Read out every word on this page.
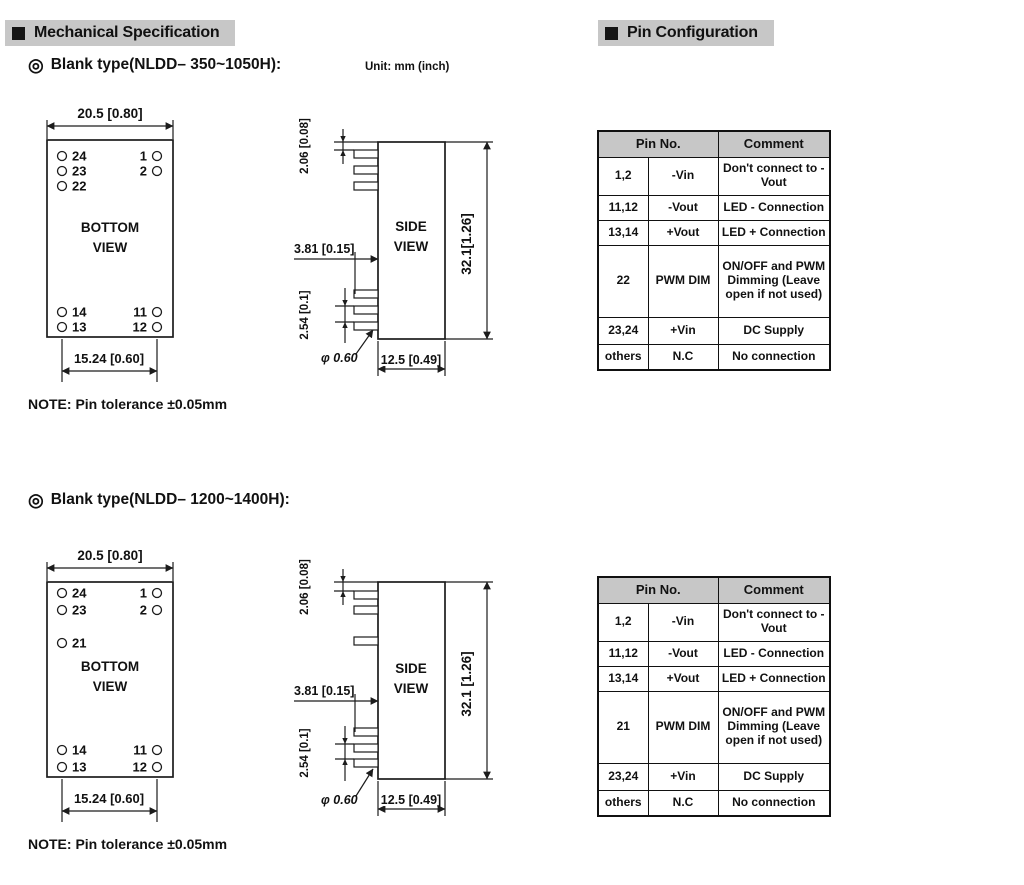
Mechanical Specification	Pin Configuration
◎ Blank type(NLDD– 350~1050H):	Unit: mm (inch)
20.5 [0.80]
24
23
22
1
2
BOTTOM
VIEW
14
13
11
12
15.24 [0.60]
SIDE
VIEW
2.06 [0.08]
3.81 [0.15]
2.54 [0.1]
φ 0.60 12.5 [0.49]
32.1[1.26]
Pin No.		Comment
1,2	-Vin	Don't connect to -Vout
11,12	-Vout	LED - Connection
13,14	+Vout	LED + Connection
22	PWM DIM	ON/OFF and PWM Dimming (Leave open if not used)
23,24	+Vin	DC Supply
others	N.C	No connection
NOTE: Pin tolerance ±0.05mm
◎ Blank type(NLDD– 1200~1400H):
20.5 [0.80]
24
23
21
1
2
BOTTOM
VIEW
14
13
11
12
15.24 [0.60]
SIDE
VIEW
2.06 [0.08]
3.81 [0.15]
2.54 [0.1]
φ 0.60 12.5 [0.49]
32.1 [1.26]
Pin No.		Comment
1,2	-Vin	Don't connect to -Vout
11,12	-Vout	LED - Connection
13,14	+Vout	LED + Connection
21	PWM DIM	ON/OFF and PWM Dimming (Leave open if not used)
23,24	+Vin	DC Supply
others	N.C	No connection
NOTE: Pin tolerance ±0.05mm
